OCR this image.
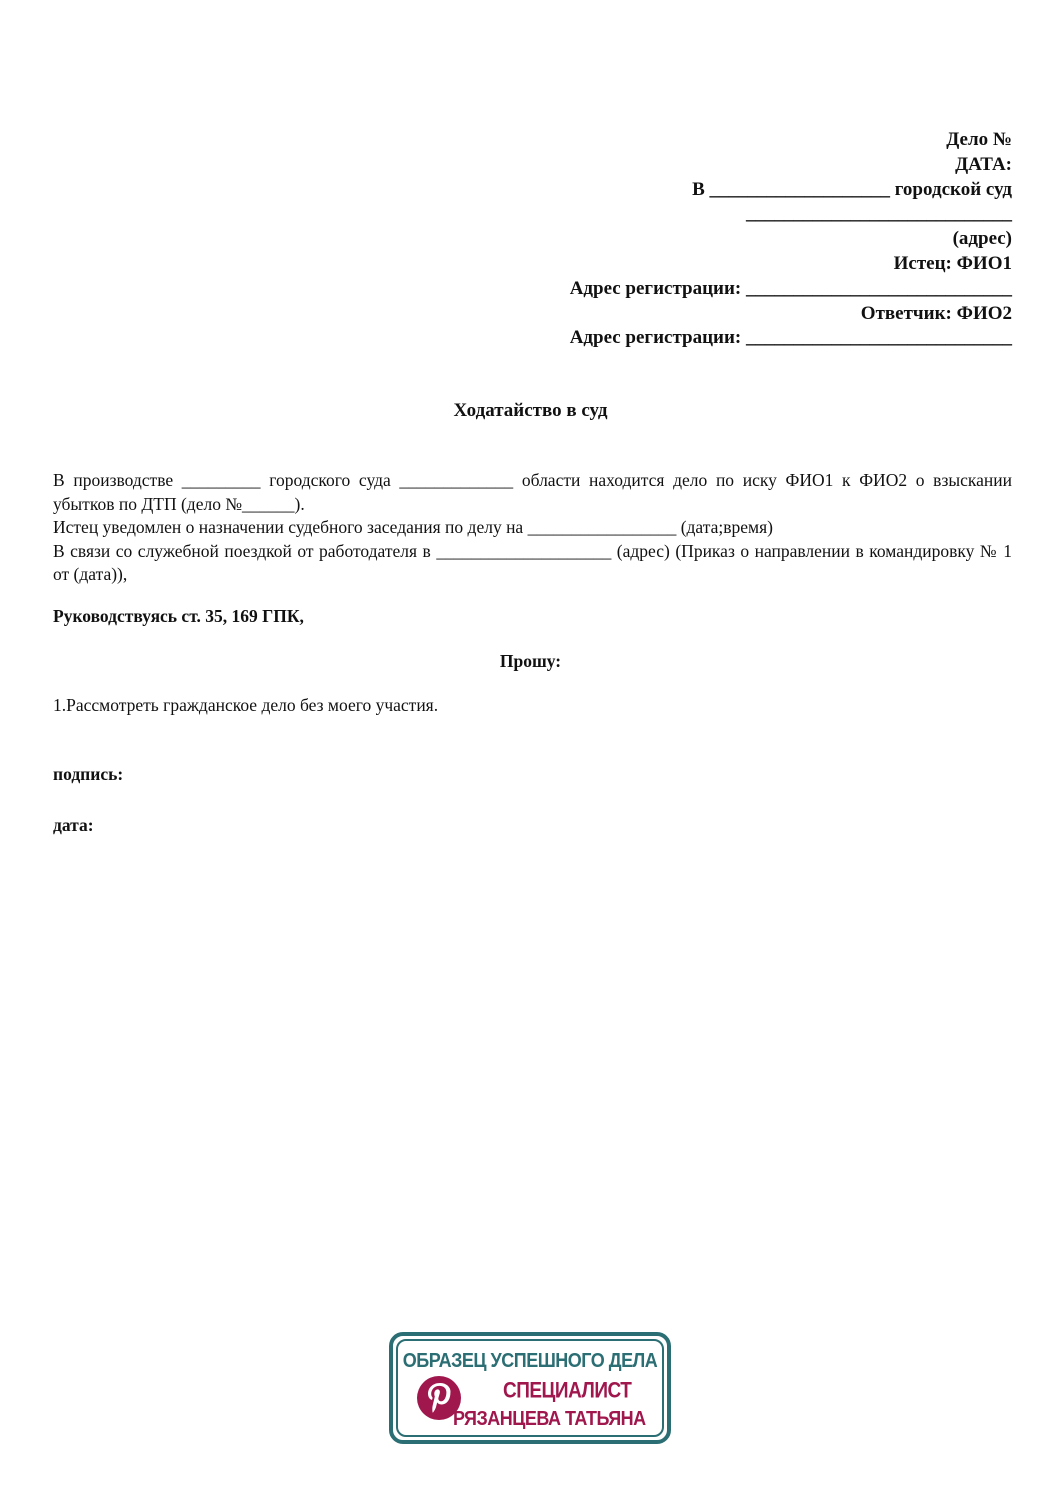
Дело №
ДАТА:
В ___________________ городской суд
____________________________
(адрес)
Истец: ФИО1
Адрес регистрации: ____________________________
Ответчик: ФИО2
Адрес регистрации: ____________________________
Ходатайство в суд

В производстве _________ городского суда _____________ области находится дело по иску ФИО1 к ФИО2 о взыскании убытков по ДТП (дело №______).

Истец уведомлен о назначении судебного заседания по делу на _________________ (дата;время)

В связи со служебной поездкой от работодателя в ____________________ (адрес) (Приказ о направлении в командировку № 1 от (дата)),

Руководствуясь ст. 35, 169 ГПК,
Прошу:
1.Рассмотреть гражданское дело без моего участия.
подпись:
дата:
ОБРАЗЕЦ УСПЕШНОГО ДЕЛА
СПЕЦИАЛИСТ
РЯЗАНЦЕВА ТАТЬЯНА
